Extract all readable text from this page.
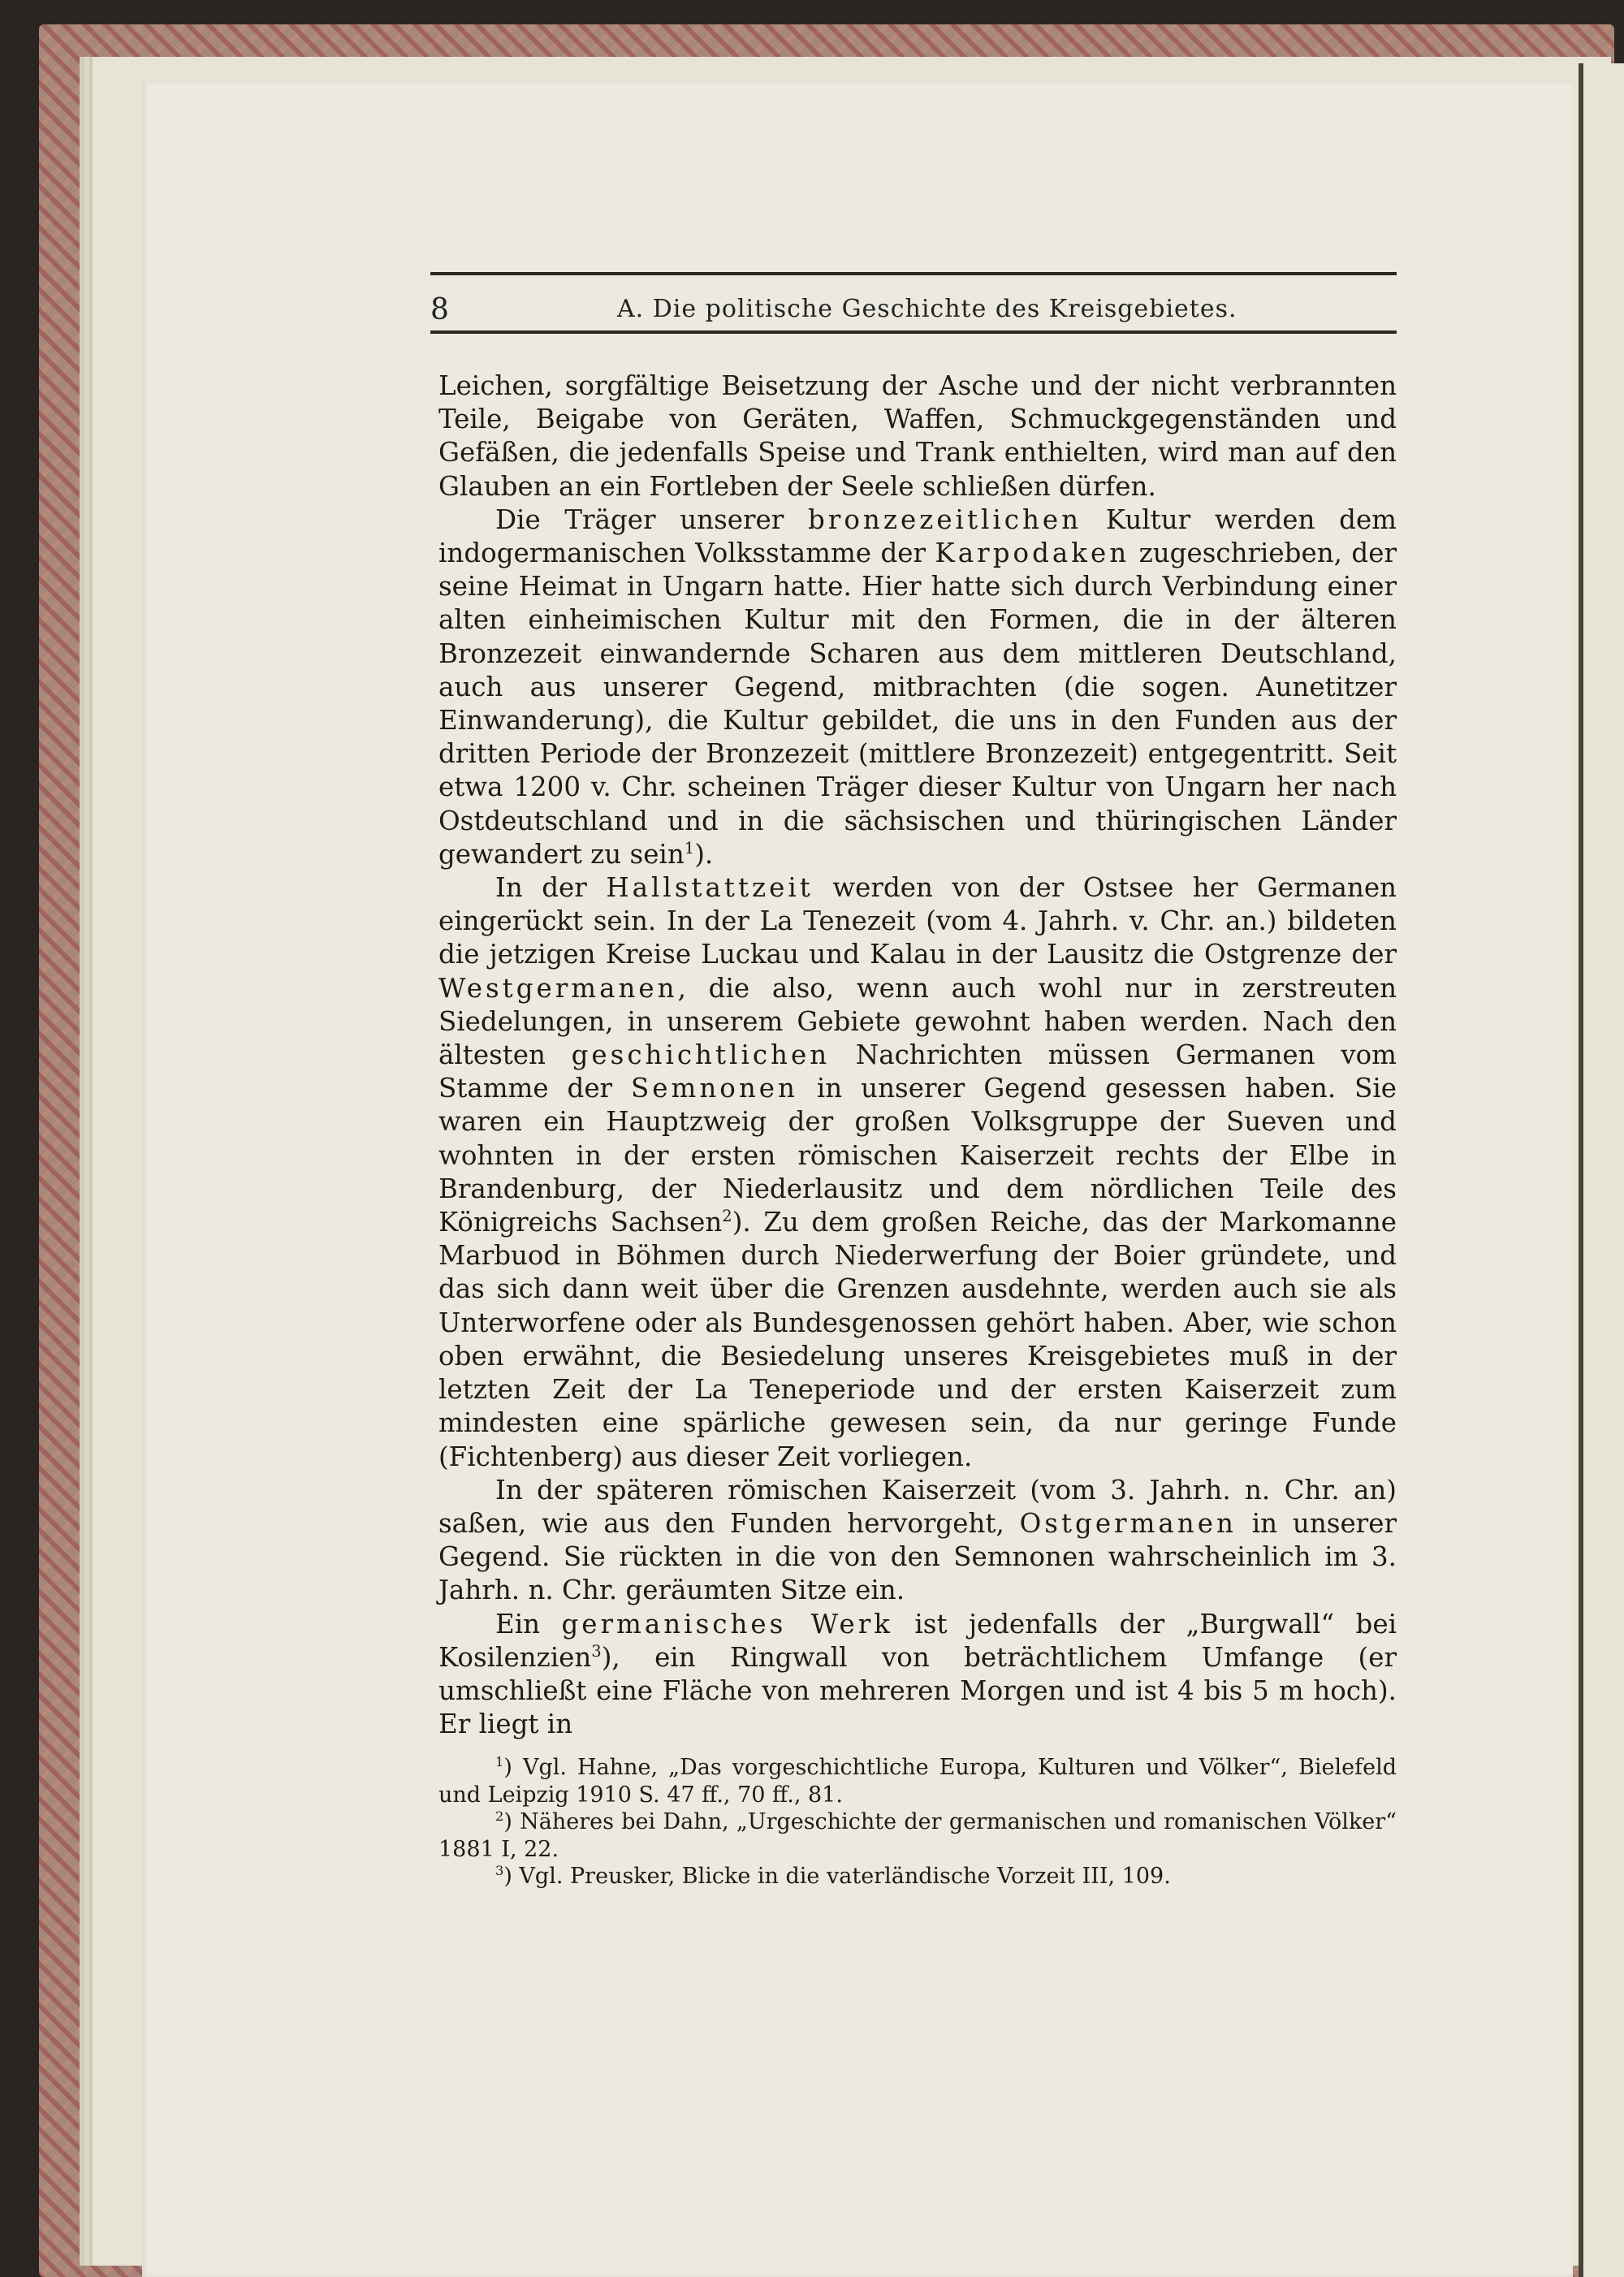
8	A. Die politische Geschichte des Kreisgebietes.

Leichen, sorgfältige Beisetzung der Asche und der nicht verbrannten Teile, Beigabe von Geräten, Waffen, Schmuckgegenständen und Gefäßen, die jedenfalls Speise und Trank enthielten, wird man auf den Glauben an ein Fortleben der Seele schließen dürfen.

Die Träger unserer bronzezeitlichen Kultur werden dem indogermanischen Volksstamme der Karpodaken zugeschrieben, der seine Heimat in Ungarn hatte. Hier hatte sich durch Verbindung einer alten einheimischen Kultur mit den Formen, die in der älteren Bronzezeit einwandernde Scharen aus dem mittleren Deutschland, auch aus unserer Gegend, mitbrachten (die sogen. Aunetitzer Einwanderung), die Kultur gebildet, die uns in den Funden aus der dritten Periode der Bronzezeit (mittlere Bronzezeit) entgegentritt. Seit etwa 1200 v. Chr. scheinen Träger dieser Kultur von Ungarn her nach Ostdeutschland und in die sächsischen und thüringischen Länder gewandert zu sein$^1$).

In der Hallstattzeit werden von der Ostsee her Germanen eingerückt sein. In der La Tenezeit (vom 4. Jahrh. v. Chr. an.) bildeten die jetzigen Kreise Luckau und Kalau in der Lausitz die Ostgrenze der Westgermanen, die also, wenn auch wohl nur in zerstreuten Siedelungen, in unserem Gebiete gewohnt haben werden. Nach den ältesten geschichtlichen Nachrichten müssen Germanen vom Stamme der Semnonen in unserer Gegend gesessen haben. Sie waren ein Hauptzweig der großen Volksgruppe der Sueven und wohnten in der ersten römischen Kaiserzeit rechts der Elbe in Brandenburg, der Niederlausitz und dem nördlichen Teile des Königreichs Sachsen$^2$). Zu dem großen Reiche, das der Markomanne Marbuod in Böhmen durch Niederwerfung der Boier gründete, und das sich dann weit über die Grenzen ausdehnte, werden auch sie als Unterworfene oder als Bundesgenossen gehört haben. Aber, wie schon oben erwähnt, die Besiedelung unseres Kreisgebietes muß in der letzten Zeit der La Teneperiode und der ersten Kaiserzeit zum mindesten eine spärliche gewesen sein, da nur geringe Funde (Fichtenberg) aus dieser Zeit vorliegen.

In der späteren römischen Kaiserzeit (vom 3. Jahrh. n. Chr. an) saßen, wie aus den Funden hervorgeht, Ostgermanen in unserer Gegend. Sie rückten in die von den Semnonen wahrscheinlich im 3. Jahrh. n. Chr. geräumten Sitze ein.

Ein germanisches Werk ist jedenfalls der „Burgwall“ bei Kosilenzien$^3$), ein Ringwall von beträchtlichem Umfange (er umschließt eine Fläche von mehreren Morgen und ist 4 bis 5 m hoch). Er liegt in

$^1$) Vgl. Hahne, „Das vorgeschichtliche Europa, Kulturen und Völker“, Bielefeld und Leipzig 1910 S. 47 ff., 70 ff., 81.

$^2$) Näheres bei Dahn, „Urgeschichte der germanischen und romanischen Völker“ 1881 I, 22.

$^3$) Vgl. Preusker, Blicke in die vaterländische Vorzeit III, 109.
